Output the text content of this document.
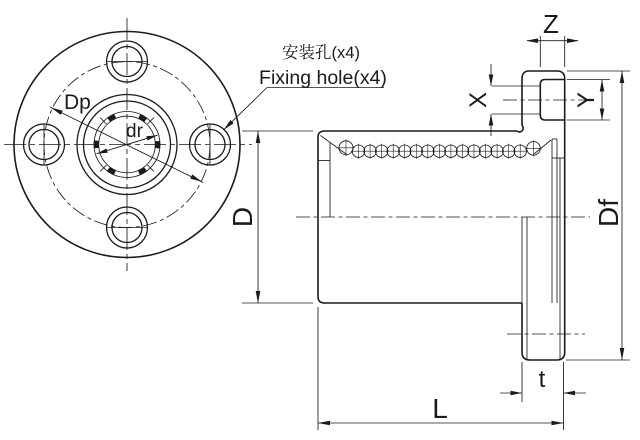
Dp
dr
安装孔(x4)
Fixing hole(x4)
D	Df
Z
X	Y
t
L
